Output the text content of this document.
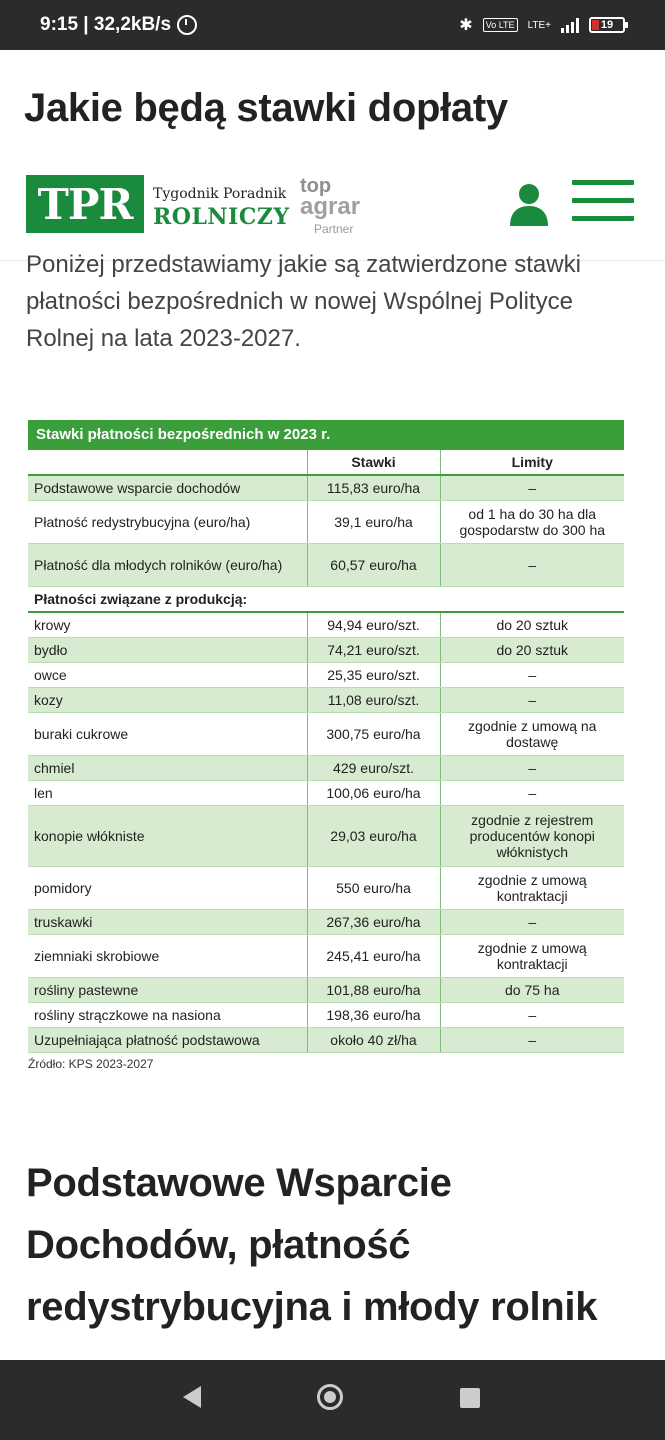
9:15 | 32,2kB/s	✱	Vo LTE	LTE+	19
Jakie będą stawki dopłaty
TPR	Tygodnik Poradnik
ROLNICZY
top
agrar
Partner

Poniżej przedstawiamy jakie są zatwierdzone stawki płatności bezpośrednich w nowej Wspólnej Polityce Rolnej na lata 2023-2027.

Stawki płatności bezpośrednich w 2023 r.
	Stawki	Limity
Podstawowe wsparcie dochodów	115,83 euro/ha	–
Płatność redystrybucyjna (euro/ha)	39,1 euro/ha	od 1 ha do 30 ha dla gospodarstw do 300 ha
Płatność dla młodych rolników (euro/ha)	60,57 euro/ha	–
Płatności związane z produkcją:		
krowy	94,94 euro/szt.	do 20 sztuk
bydło	74,21 euro/szt.	do 20 sztuk
owce	25,35 euro/szt.	–
kozy	11,08 euro/szt.	–
buraki cukrowe	300,75 euro/ha	zgodnie z umową na dostawę
chmiel	429 euro/szt.	–
len	100,06 euro/ha	–
konopie włókniste	29,03 euro/ha	zgodnie z rejestrem producentów konopi włóknistych
pomidory	550 euro/ha	zgodnie z umową kontraktacji
truskawki	267,36 euro/ha	–
ziemniaki skrobiowe	245,41 euro/ha	zgodnie z umową kontraktacji
rośliny pastewne	101,88 euro/ha	do 75 ha
rośliny strączkowe na nasiona	198,36 euro/ha	–
Uzupełniająca płatność podstawowa	około 40 zł/ha	–
Źródło: KPS 2023-2027
Podstawowe Wsparcie Dochodów, płatność redystrybucyjna i młody rolnik
